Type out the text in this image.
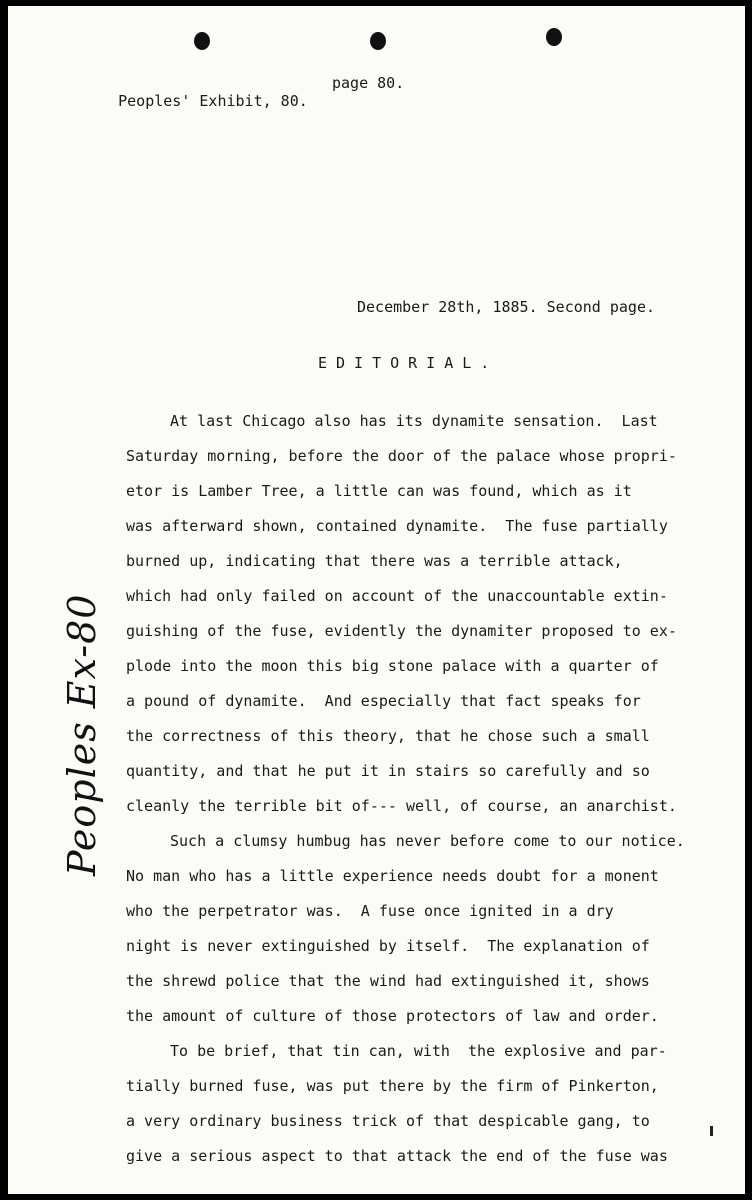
Peoples' Exhibit, 80.

page 80.

December 28th, 1885. Second page.
EDITORIAL.
At last Chicago also has its dynamite sensation.  Last
Saturday morning, before the door of the palace whose propri-
etor is Lamber Tree, a little can was found, which as it
was afterward shown, contained dynamite.  The fuse partially
burned up, indicating that there was a terrible attack,
which had only failed on account of the unaccountable extin-
guishing of the fuse, evidently the dynamiter proposed to ex-
plode into the moon this big stone palace with a quarter of
a pound of dynamite.  And especially that fact speaks for
the correctness of this theory, that he chose such a small
quantity, and that he put it in stairs so carefully and so
cleanly the terrible bit of--- well, of course, an anarchist.
Such a clumsy humbug has never before come to our notice.
No man who has a little experience needs doubt for a monent
who the perpetrator was.  A fuse once ignited in a dry
night is never extinguished by itself.  The explanation of
the shrewd police that the wind had extinguished it, shows
the amount of culture of those protectors of law and order.
To be brief, that tin can, with  the explosive and par-
tially burned fuse, was put there by the firm of Pinkerton,
a very ordinary business trick of that despicable gang, to
give a serious aspect to that attack the end of the fuse was
Peoples Ex-80
